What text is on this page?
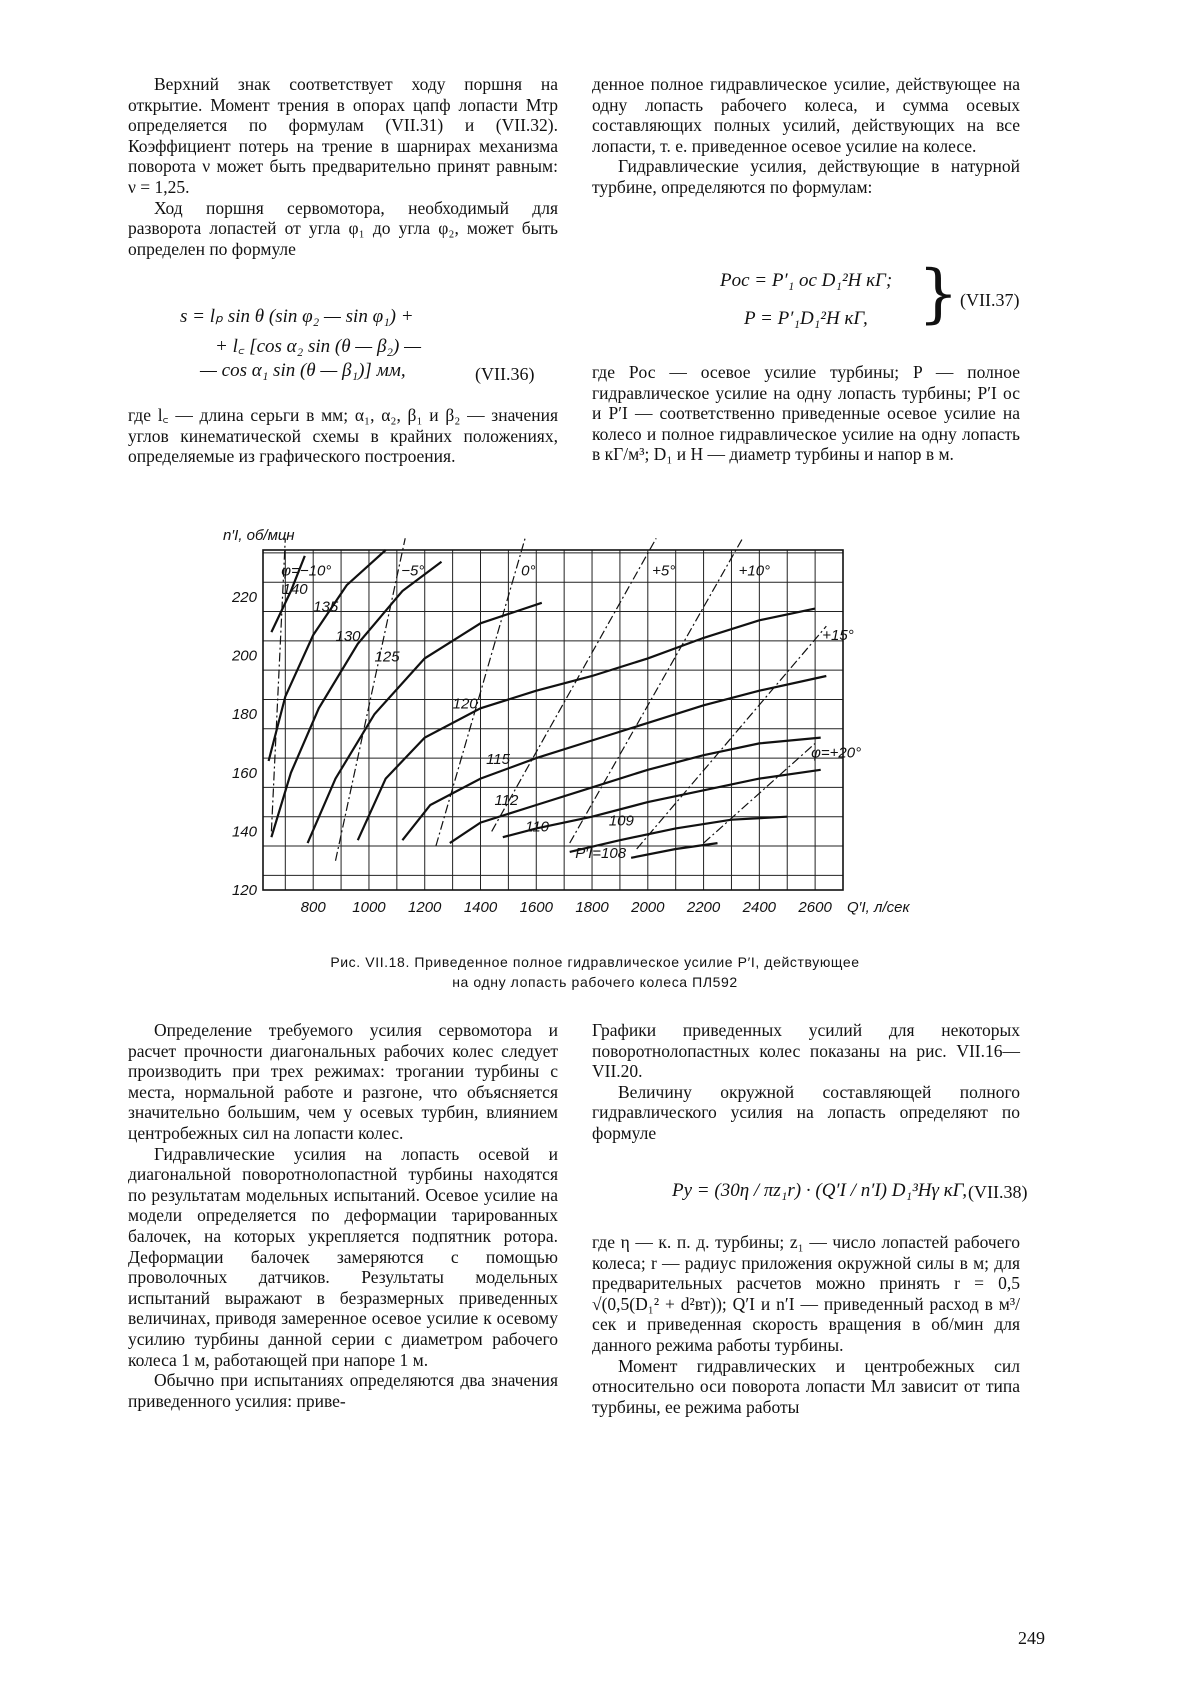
Верхний знак соответствует ходу поршня на открытие. Момент трения в опорах цапф лопасти Mтр определяется по формулам (VII.31) и (VII.32). Коэффициент потерь на трение в шарнирах механизма поворота ν может быть предварительно принят равным: ν = 1,25.

Ход поршня сервомотора, необходимый для разворота лопастей от угла φ₁ до угла φ₂, может быть определен по формуле

s = lₚ sin θ (sin φ₂ — sin φ₁) +
+ l꜀ [cos α₂ sin (θ — β₂) —
— cos α₁ sin (θ — β₁)] мм,	(VII.36)

где l꜀ — длина серьги в мм; α₁, α₂, β₁ и β₂ — значения углов кинематической схемы в крайних положениях, определяемые из графического построения.

денное полное гидравлическое усилие, действующее на одну лопасть рабочего колеса, и сумма осевых составляющих полных усилий, действующих на все лопасти, т. е. приведенное осевое усилие на колесе.

Гидравлические усилия, действующие в натурной турбине, определяются по формулам:

Pос = P′₁ ос D₁²H кГ;
P = P′₁D₁²H кГ, } (VII.37)

где Pос — осевое усилие турбины; P — полное гидравлическое усилие на одну лопасть турбины; P′I ос и P′I — соответственно приведенные осевое усилие на колесо и полное гидравлическое усилие на одну лопасть в кГ/м³; D₁ и H — диаметр турбины и напор в м.

800 1000 1200 1400 1600 1800 2000 2200 2400 2600
120
140
160
180
200
220
Q′I, л/сек
n′I, об/мин
φ=−10°	−5°	0°	+5°	+10°
+15°
φ=+20°
140
135
130
125
120
115
112
110	109
P′I=108
Рис. VII.18. Приведенное полное гидравлическое усилие P′I, действующее
на одну лопасть рабочего колеса ПЛ592

Определение требуемого усилия сервомотора и расчет прочности диагональных рабочих колес следует производить при трех режимах: трогании турбины с места, нормальной работе и разгоне, что объясняется значительно большим, чем у осевых турбин, влиянием центробежных сил на лопасти колес.

Гидравлические усилия на лопасть осевой и диагональной поворотнолопастной турбины находятся по результатам модельных испытаний. Осевое усилие на модели определяется по деформации тарированных балочек, на которых укрепляется подпятник ротора. Деформации балочек замеряются с помощью проволочных датчиков. Результаты модельных испытаний выражают в безразмерных приведенных величинах, приводя замеренное осевое усилие к осевому усилию турбины данной серии с диаметром рабочего колеса 1 м, работающей при напоре 1 м.

Обычно при испытаниях определяются два значения приведенного усилия: приве-

Графики приведенных усилий для некоторых поворотнолопастных колес показаны на рис. VII.16—VII.20.

Величину окружной составляющей полного гидравлического усилия на лопасть определяют по формуле

Pу = (30η / πz₁r) · (Q′I / n′I) D₁³Hγ кГ, (VII.38)

где η — к. п. д. турбины; z₁ — число лопастей рабочего колеса; r — радиус приложения окружной силы в м; для предварительных расчетов можно принять r = 0,5 √(0,5(D₁² + d²вт)); Q′I и n′I — приведенный расход в м³/сек и приведенная скорость вращения в об/мин для данного режима работы турбины.

Момент гидравлических и центробежных сил относительно оси поворота лопасти Mл зависит от типа турбины, ее режима работы

249
